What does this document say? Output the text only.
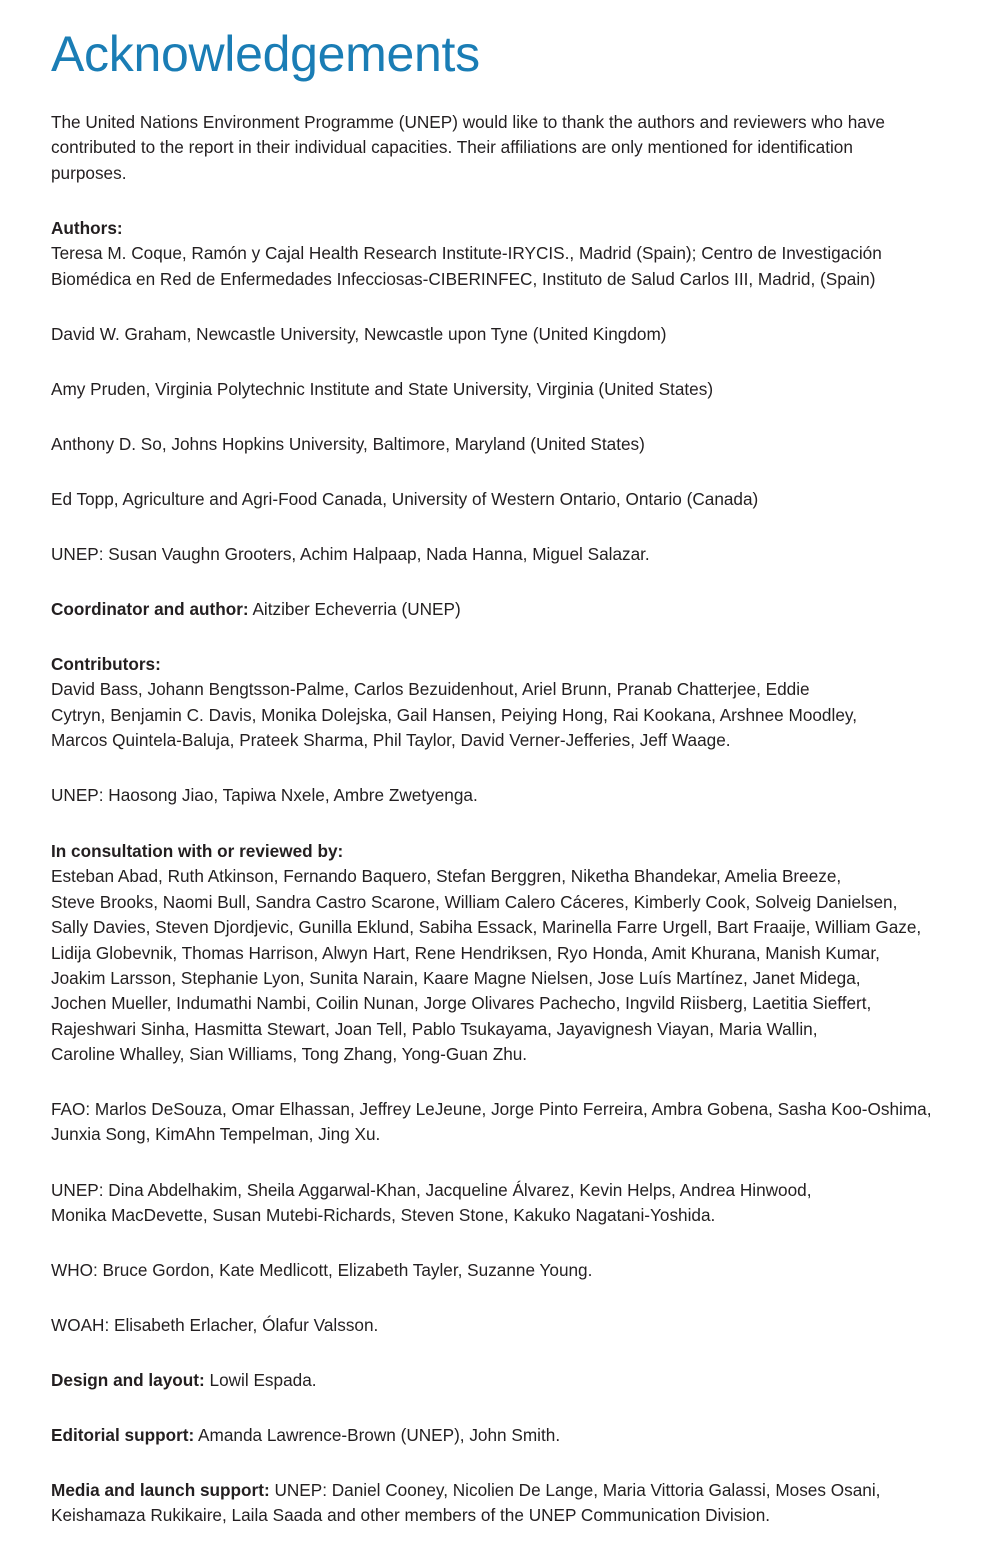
Acknowledgements
The United Nations Environment Programme (UNEP) would like to thank the authors and reviewers who have
contributed to the report in their individual capacities. Their affiliations are only mentioned for identification
purposes.
Authors:
Teresa M. Coque, Ramón y Cajal Health Research Institute-IRYCIS., Madrid (Spain); Centro de Investigación
Biomédica en Red de Enfermedades Infecciosas-CIBERINFEC, Instituto de Salud Carlos III, Madrid, (Spain)
David W. Graham, Newcastle University, Newcastle upon Tyne (United Kingdom)
Amy Pruden, Virginia Polytechnic Institute and State University, Virginia (United States)
Anthony D. So, Johns Hopkins University, Baltimore, Maryland (United States)
Ed Topp, Agriculture and Agri-Food Canada, University of Western Ontario, Ontario (Canada)
UNEP: Susan Vaughn Grooters, Achim Halpaap, Nada Hanna, Miguel Salazar.
Coordinator and author: Aitziber Echeverria (UNEP)
Contributors:
David Bass, Johann Bengtsson-Palme, Carlos Bezuidenhout, Ariel Brunn, Pranab Chatterjee, Eddie
Cytryn, Benjamin C. Davis, Monika Dolejska, Gail Hansen, Peiying Hong, Rai Kookana, Arshnee Moodley,
Marcos Quintela-Baluja, Prateek Sharma, Phil Taylor, David Verner-Jefferies, Jeff Waage.
UNEP: Haosong Jiao, Tapiwa Nxele, Ambre Zwetyenga.
In consultation with or reviewed by:
Esteban Abad, Ruth Atkinson, Fernando Baquero, Stefan Berggren, Niketha Bhandekar, Amelia Breeze,
Steve Brooks, Naomi Bull, Sandra Castro Scarone, William Calero Cáceres, Kimberly Cook, Solveig Danielsen,
Sally Davies, Steven Djordjevic, Gunilla Eklund, Sabiha Essack, Marinella Farre Urgell, Bart Fraaije, William Gaze,
Lidija Globevnik, Thomas Harrison, Alwyn Hart, Rene Hendriksen, Ryo Honda, Amit Khurana, Manish Kumar,
Joakim Larsson, Stephanie Lyon, Sunita Narain, Kaare Magne Nielsen, Jose Luís Martínez, Janet Midega,
Jochen Mueller, Indumathi Nambi, Coilin Nunan, Jorge Olivares Pachecho, Ingvild Riisberg, Laetitia Sieffert,
Rajeshwari Sinha, Hasmitta Stewart, Joan Tell, Pablo Tsukayama, Jayavignesh Viayan, Maria Wallin,
Caroline Whalley, Sian Williams, Tong Zhang, Yong-Guan Zhu.
FAO: Marlos DeSouza, Omar Elhassan, Jeffrey LeJeune, Jorge Pinto Ferreira, Ambra Gobena, Sasha Koo-Oshima,
Junxia Song, KimAhn Tempelman, Jing Xu.
UNEP: Dina Abdelhakim, Sheila Aggarwal-Khan, Jacqueline Álvarez, Kevin Helps, Andrea Hinwood,
Monika MacDevette, Susan Mutebi-Richards, Steven Stone, Kakuko Nagatani-Yoshida.
WHO: Bruce Gordon, Kate Medlicott, Elizabeth Tayler, Suzanne Young.
WOAH: Elisabeth Erlacher, Ólafur Valsson.
Design and layout: Lowil Espada.
Editorial support: Amanda Lawrence-Brown (UNEP), John Smith.
Media and launch support: UNEP: Daniel Cooney, Nicolien De Lange, Maria Vittoria Galassi, Moses Osani,
Keishamaza Rukikaire, Laila Saada and other members of the UNEP Communication Division.
